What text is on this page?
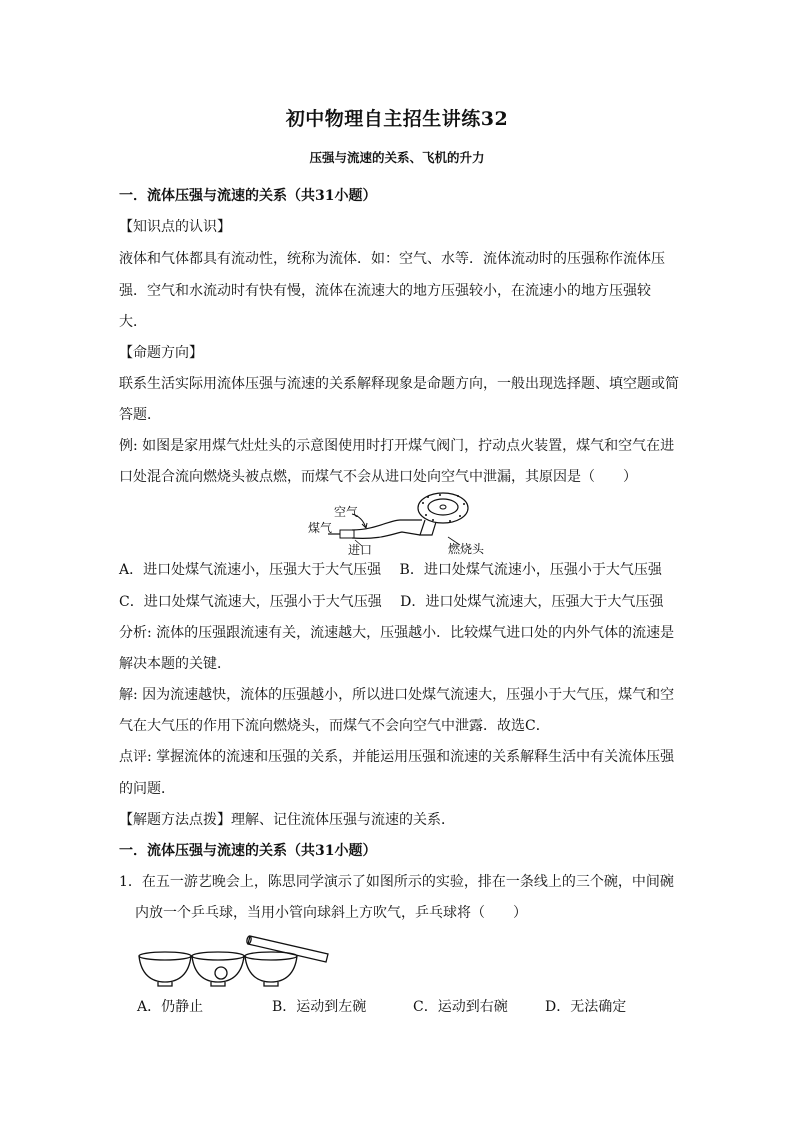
初中物理自主招生讲练32
压强与流速的关系、飞机的升力
一．流体压强与流速的关系（共31小题）
【知识点的认识】
液体和气体都具有流动性，统称为流体．如：空气、水等．流体流动时的压强称作流体压
强．空气和水流动时有快有慢，流体在流速大的地方压强较小，在流速小的地方压强较
大．
【命题方向】
联系生活实际用流体压强与流速的关系解释现象是命题方向，一般出现选择题、填空题或简
答题．
例: 如图是家用煤气灶灶头的示意图使用时打开煤气阀门，拧动点火装置，煤气和空气在进
口处混合流向燃烧头被点燃，而煤气不会从进口处向空气中泄漏，其原因是（　　）
空气
煤气
进口	燃烧头
A．进口处煤气流速小，压强大于大气压强　 B．进口处煤气流速小，压强小于大气压强
C．进口处煤气流速大，压强小于大气压强　 D．进口处煤气流速大，压强大于大气压强
分析: 流体的压强跟流速有关，流速越大，压强越小．比较煤气进口处的内外气体的流速是
解决本题的关键．
解: 因为流速越快，流体的压强越小，所以进口处煤气流速大，压强小于大气压，煤气和空
气在大气压的作用下流向燃烧头，而煤气不会向空气中泄露．故选C．
点评: 掌握流体的流速和压强的关系，并能运用压强和流速的关系解释生活中有关流体压强
的问题．
【解题方法点拨】理解、记住流体压强与流速的关系．
一．流体压强与流速的关系（共31小题）
1．在五一游艺晚会上，陈思同学演示了如图所示的实验，排在一条线上的三个碗，中间碗
内放一个乒乓球，当用小管向球斜上方吹气，乒乓球将（　　）
A．仍静止	B．运动到左碗	C．运动到右碗	D．无法确定
